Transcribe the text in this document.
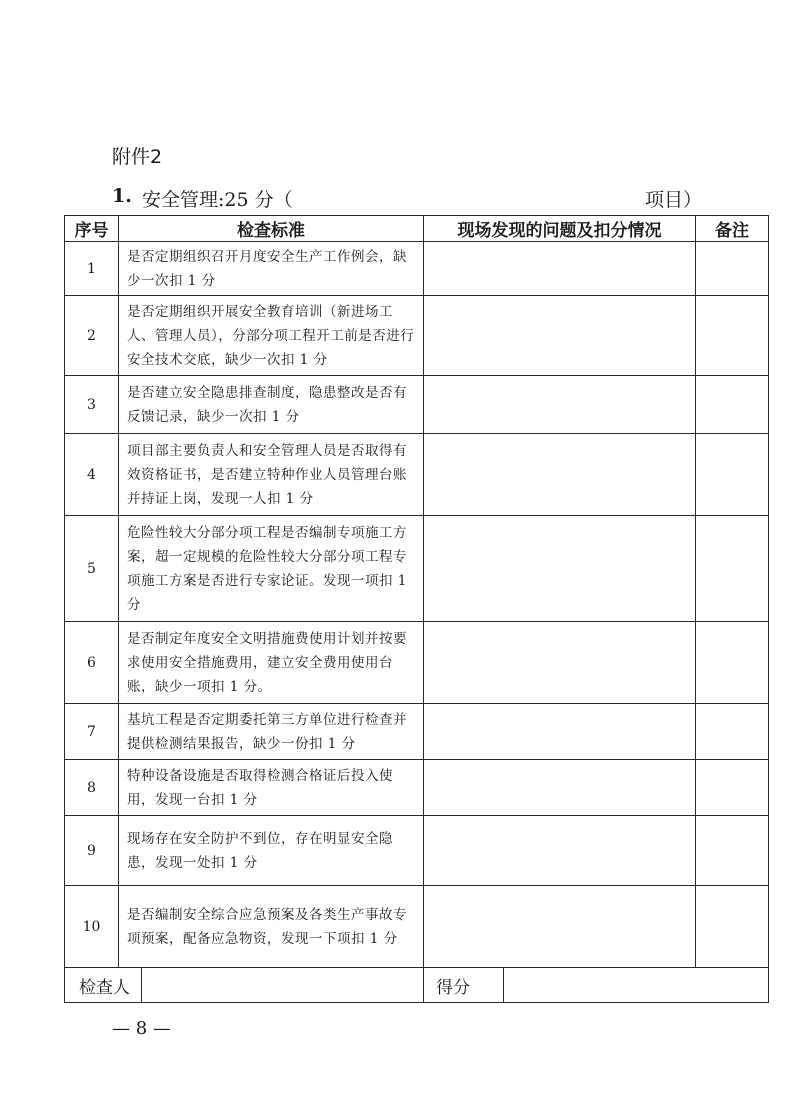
附件2
1. 安全管理:25 分（	项目）
序号	检查标准	现场发现的问题及扣分情况	备注
1	是否定期组织召开月度安全生产工作例会，缺少一次扣 1 分		
2	是否定期组织开展安全教育培训（新进场工人、管理人员），分部分项工程开工前是否进行安全技术交底，缺少一次扣 1 分		
3	是否建立安全隐患排查制度，隐患整改是否有反馈记录，缺少一次扣 1 分		
4	项目部主要负责人和安全管理人员是否取得有效资格证书，是否建立特种作业人员管理台账并持证上岗，发现一人扣 1 分		
5	危险性较大分部分项工程是否编制专项施工方案，超一定规模的危险性较大分部分项工程专项施工方案是否进行专家论证。发现一项扣 1 分		
6	是否制定年度安全文明措施费使用计划并按要求使用安全措施费用，建立安全费用使用台账，缺少一项扣 1 分。		
7	基坑工程是否定期委托第三方单位进行检查并提供检测结果报告，缺少一份扣 1 分		
8	特种设备设施是否取得检测合格证后投入使用，发现一台扣 1 分		
9	现场存在安全防护不到位，存在明显安全隐患，发现一处扣 1 分		
10	是否编制安全综合应急预案及各类生产事故专项预案，配备应急物资，发现一下项扣 1 分		

检查人		得分	
— 8 —
